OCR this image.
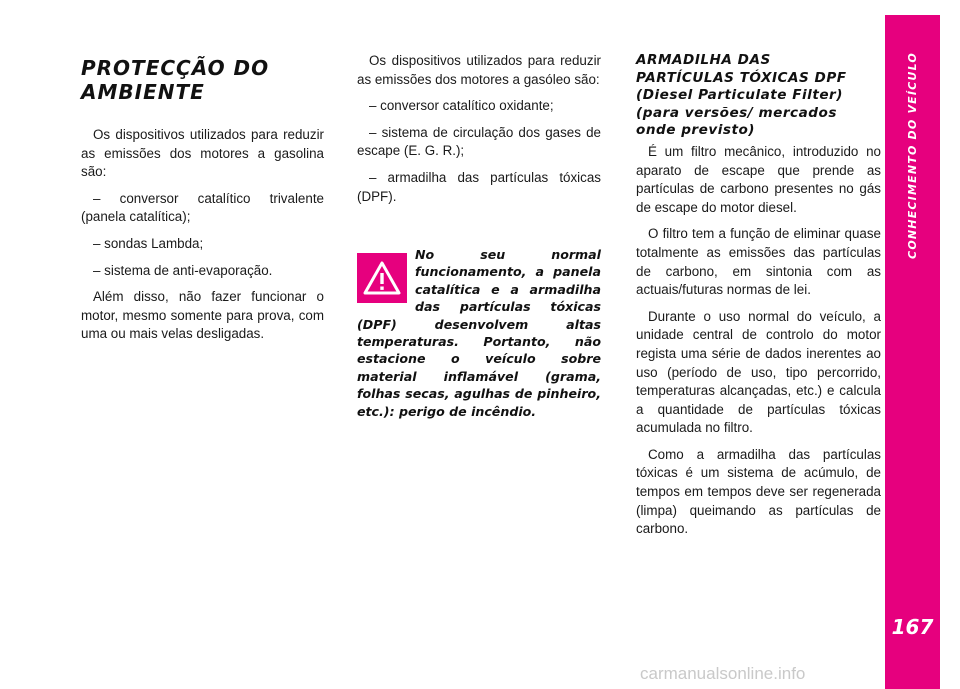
PROTECÇÃO DO
AMBIENTE

Os dispositivos utilizados para reduzir as emissões dos motores a gasolina são:

– conversor catalítico trivalente (panela catalítica);

– sondas Lambda;

– sistema de anti-evaporação.

Além disso, não fazer funcionar o motor, mesmo somente para prova, com uma ou mais velas desligadas.

Os dispositivos utilizados para reduzir as emissões dos motores a gasóleo são:

– conversor catalítico oxidante;

– sistema de circulação dos gases de escape (E. G. R.);

– armadilha das partículas tóxicas (DPF).

No seu normal funcionamento, a panela catalítica e a armadilha das partículas tóxicas (DPF) desenvolvem altas temperaturas. Portanto, não estacione o veículo sobre material inflamável (grama, folhas secas, agulhas de pinheiro, etc.): perigo de incêndio.

ARMADILHA DAS
PARTÍCULAS TÓXICAS DPF
(Diesel Particulate Filter)
(para versões/ mercados
onde previsto)

É um filtro mecânico, introduzido no aparato de escape que prende as partículas de carbono presentes no gás de escape do motor diesel.

O filtro tem a função de eliminar quase totalmente as emissões das partículas de carbono, em sintonia com as actuais/futuras normas de lei.

Durante o uso normal do veículo, a unidade central de controlo do motor regista uma série de dados inerentes ao uso (período de uso, tipo percorrido, temperaturas alcançadas, etc.) e calcula a quantidade de partículas tóxicas acumulada no filtro.

Como a armadilha das partículas tóxicas é um sistema de acúmulo, de tempos em tempos deve ser regenerada (limpa) queimando as partículas de carbono.

CONHECIMENTO DO VEÍCULO
167
carmanualsonline.info
